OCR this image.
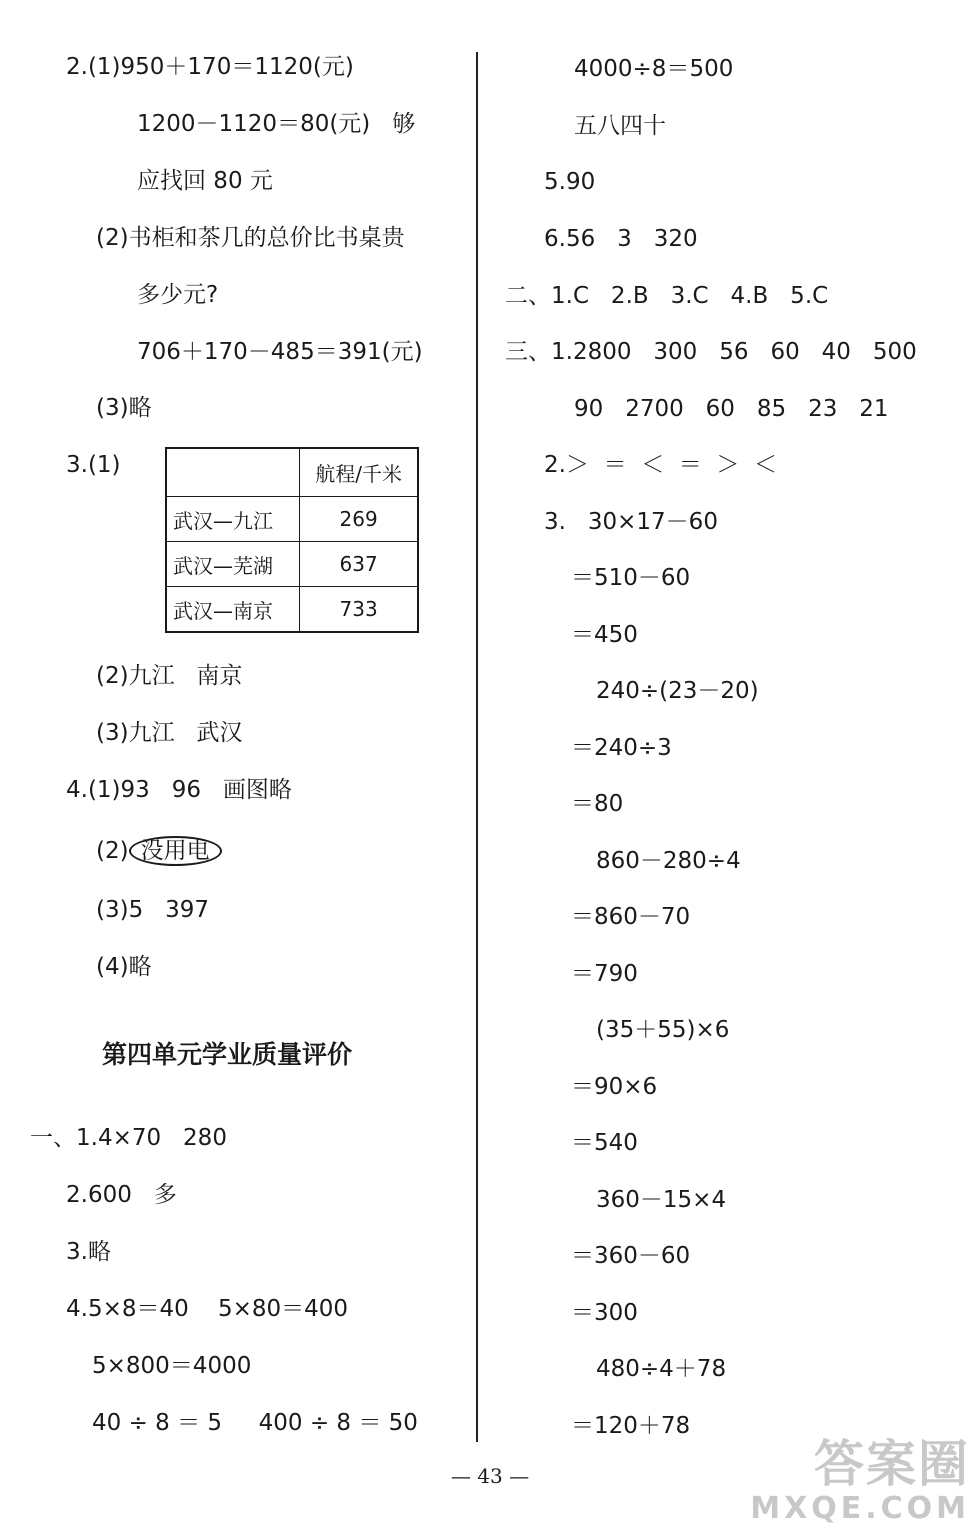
2.(1)950＋170＝1120(元)
1200－1120＝80(元)   够
应找回 80 元
(2)书柜和茶几的总价比书桌贵
多少元?
706＋170－485＝391(元)
(3)略
3.(1)
		航程/千米
武汉—九江	269
武汉—芜湖	637
武汉—南京	733
(2)九江   南京
(3)九江   武汉
4.(1)93   96   画图略
(2) 没用电
(3)5   397
(4)略
第四单元学业质量评价
一、1.4×70   280
2.600   多
3.略
4.5×8＝40    5×80＝400
5×800＝4000
40 ÷ 8 ＝ 5     400 ÷ 8 ＝ 50
4000÷8＝500
五八四十
5.90
6.56   3   320
二、1.C   2.B   3.C   4.B   5.C
三、1.2800   300   56   60   40   500
90   2700   60   85   23   21
2.＞  ＝  ＜  ＝  ＞  ＜
3.   30×17－60
＝510－60
＝450
240÷(23－20)
＝240÷3
＝80
860－280÷4
＝860－70
＝790
(35＋55)×6
＝90×6
＝540
360－15×4
＝360－60
＝300
480÷4＋78
＝120＋78
— 43 —	答案圈
MXQE.COM
